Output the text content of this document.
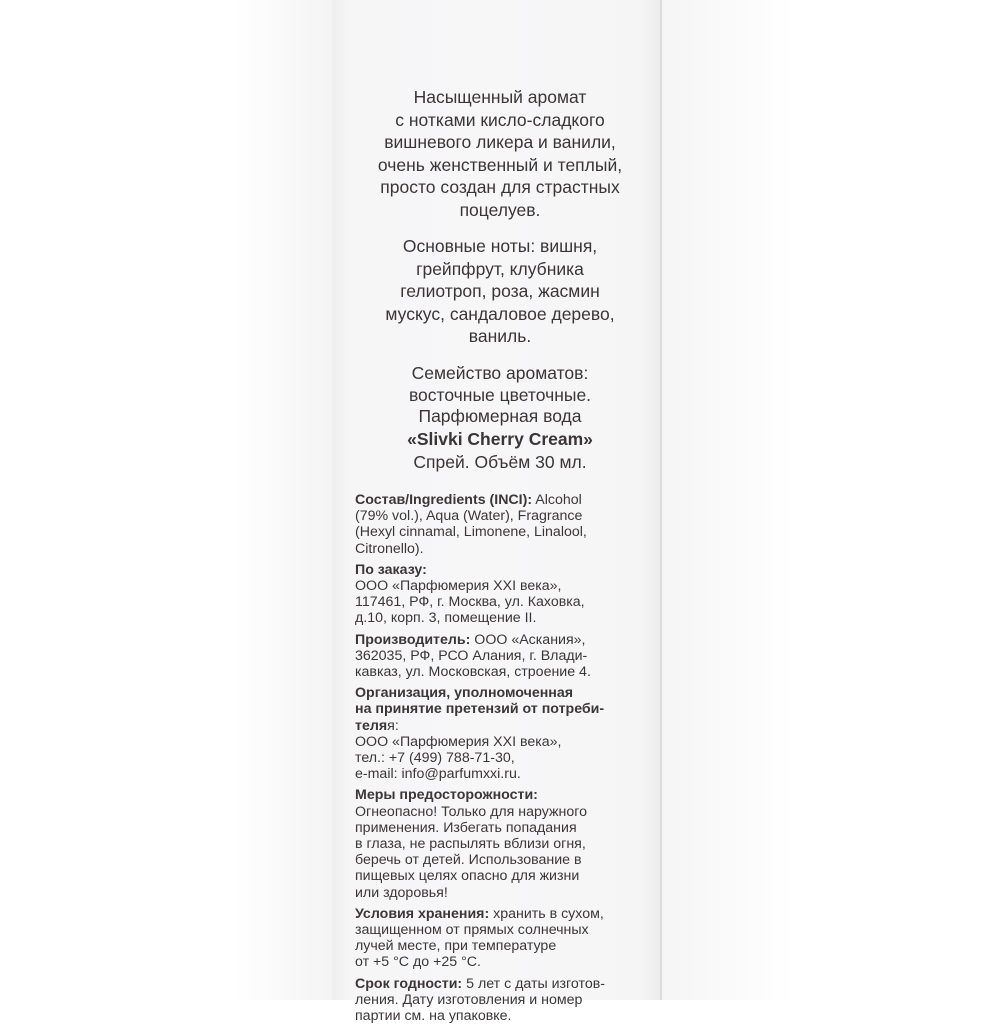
Насыщенный аромат
с нотками кисло-сладкого
вишневого ликера и ванили,
очень женственный и теплый,
просто создан для страстных
поцелуев.

Основные ноты: вишня,
грейпфрут, клубника
гелиотроп, роза, жасмин
мускус, сандаловое дерево,
ваниль.

Семейство ароматов:
восточные цветочные.

Парфюмерная вода
«Slivki Cherry Cream»
Спрей. Объём 30 мл.
Состав/Ingredients (INCI): Alcohol
(79% vol.), Aqua (Water), Fragrance
(Hexyl cinnamal, Limonene, Linalool,
Citronello).
По заказу:
ООО «Парфюмерия XXI века»,
117461, РФ, г. Москва, ул. Каховка,
д.10, корп. 3, помещение II.
Производитель: ООО «Аскания»,
362035, РФ, РСО Алания, г. Влади-
кавказ, ул. Московская, строение 4.
Организация, уполномоченная
на принятие претензий от потреби-
теляя:
ООО «Парфюмерия XXI века»,
тел.: +7 (499) 788-71-30,
e-mail: info@parfumxxi.ru.
Меры предосторожности:
Огнеопасно! Только для наружного
применения. Избегать попадания
в глаза, не распылять вблизи огня,
беречь от детей. Использование в
пищевых целях опасно для жизни
или здоровья!
Условия хранения: хранить в сухом,
защищенном от прямых солнечных
лучей месте, при температуре
от +5 °С до +25 °С.
Срок годности: 5 лет с даты изготов-
ления. Дату изготовления и номер
партии см. на упаковке.
